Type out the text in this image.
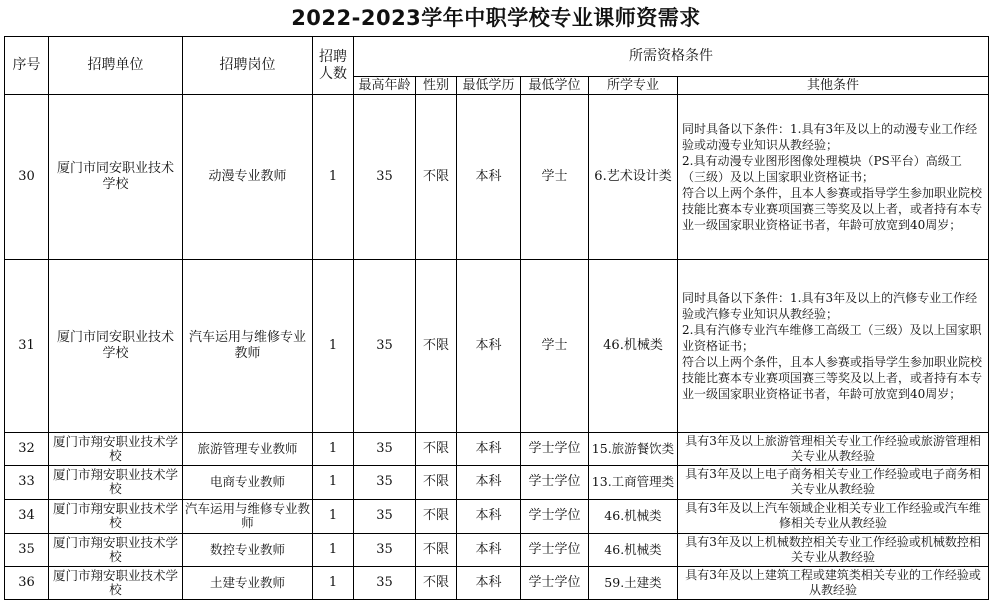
2022-2023学年中职学校专业课师资需求
序号	招聘单位	招聘岗位	招聘人数	所需资格条件					
				最高年龄	性别	最低学历	最低学位	所学专业	其他条件
30	厦门市同安职业技术学校	动漫专业教师	1	35	不限	本科	学士	6.艺术设计类	同时具备以下条件：1.具有3年及以上的动漫专业工作经验或动漫专业知识从教经验；
2.具有动漫专业图形图像处理模块（PS平台）高级工（三级）及以上国家职业资格证书；
符合以上两个条件，且本人参赛或指导学生参加职业院校技能比赛本专业赛项国赛三等奖及以上者，或者持有本专业一级国家职业资格证书者，年龄可放宽到40周岁；
31	厦门市同安职业技术学校	汽车运用与维修专业教师	1	35	不限	本科	学士	46.机械类	同时具备以下条件：1.具有3年及以上的汽修专业工作经验或汽修专业知识从教经验；
2.具有汽修专业汽车维修工高级工（三级）及以上国家职业资格证书；
符合以上两个条件，且本人参赛或指导学生参加职业院校技能比赛本专业赛项国赛三等奖及以上者，或者持有本专业一级国家职业资格证书者，年龄可放宽到40周岁；
32	厦门市翔安职业技术学校	旅游管理专业教师	1	35	不限	本科	学士学位	15.旅游餐饮类	具有3年及以上旅游管理相关专业工作经验或旅游管理相关专业从教经验
33	厦门市翔安职业技术学校	电商专业教师	1	35	不限	本科	学士学位	13.工商管理类	具有3年及以上电子商务相关专业工作经验或电子商务相关专业从教经验
34	厦门市翔安职业技术学校	汽车运用与维修专业教师	1	35	不限	本科	学士学位	46.机械类	具有3年及以上汽车领域企业相关专业工作经验或汽车维修相关专业从教经验
35	厦门市翔安职业技术学校	数控专业教师	1	35	不限	本科	学士学位	46.机械类	具有3年及以上机械数控相关专业工作经验或机械数控相关专业从教经验
36	厦门市翔安职业技术学校	土建专业教师	1	35	不限	本科	学士学位	59.土建类	具有3年及以上建筑工程或建筑类相关专业的工作经验或从教经验
